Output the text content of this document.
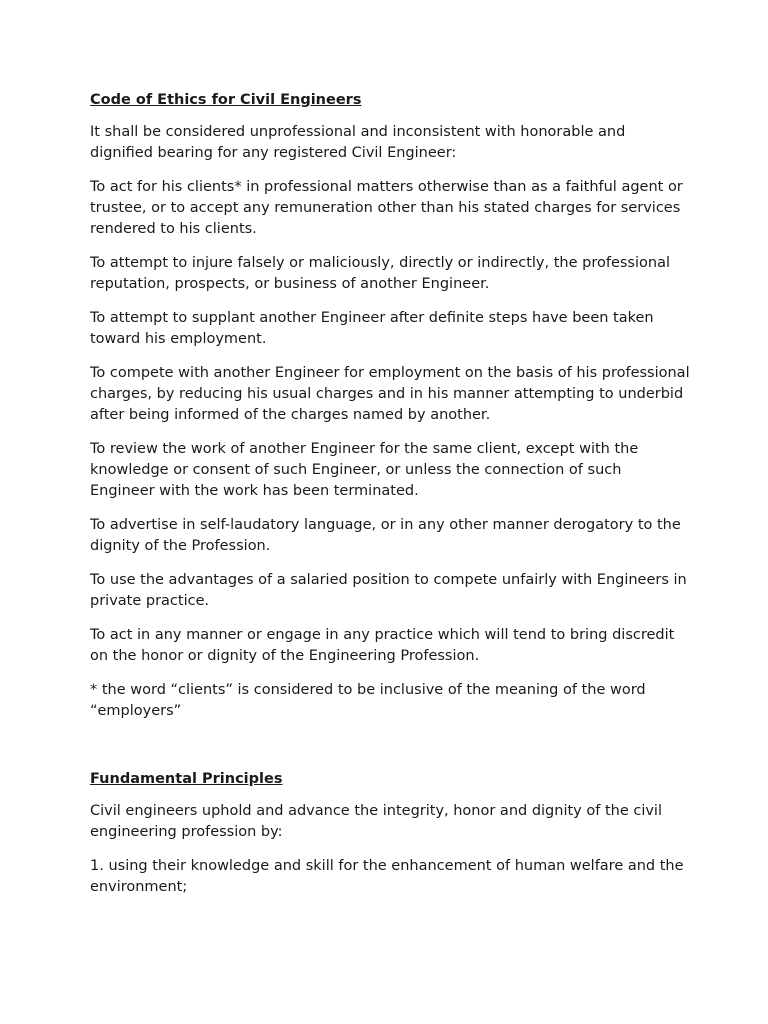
Code of Ethics for Civil Engineers
It shall be considered unprofessional and inconsistent with honorable and dignified bearing for any registered Civil Engineer:
To act for his clients* in professional matters otherwise than as a faithful agent or trustee, or to accept any remuneration other than his stated charges for services rendered to his clients.
To attempt to injure falsely or maliciously, directly or indirectly, the professional reputation, prospects, or business of another Engineer.
To attempt to supplant another Engineer after definite steps have been taken toward his employment.
To compete with another Engineer for employment on the basis of his professional charges, by reducing his usual charges and in his manner attempting to underbid after being informed of the charges named by another.
To review the work of another Engineer for the same client, except with the knowledge or consent of such Engineer, or unless the connection of such Engineer with the work has been terminated.
To advertise in self-laudatory language, or in any other manner derogatory to the dignity of the Profession.
To use the advantages of a salaried position to compete unfairly with Engineers in private practice.
To act in any manner or engage in any practice which will tend to bring discredit on the honor or dignity of the Engineering Profession.
* the word “clients” is considered to be inclusive of the meaning of the word “employers”
Fundamental Principles
Civil engineers uphold and advance the integrity, honor and dignity of the civil engineering profession by:
1. using their knowledge and skill for the enhancement of human welfare and the environment;
